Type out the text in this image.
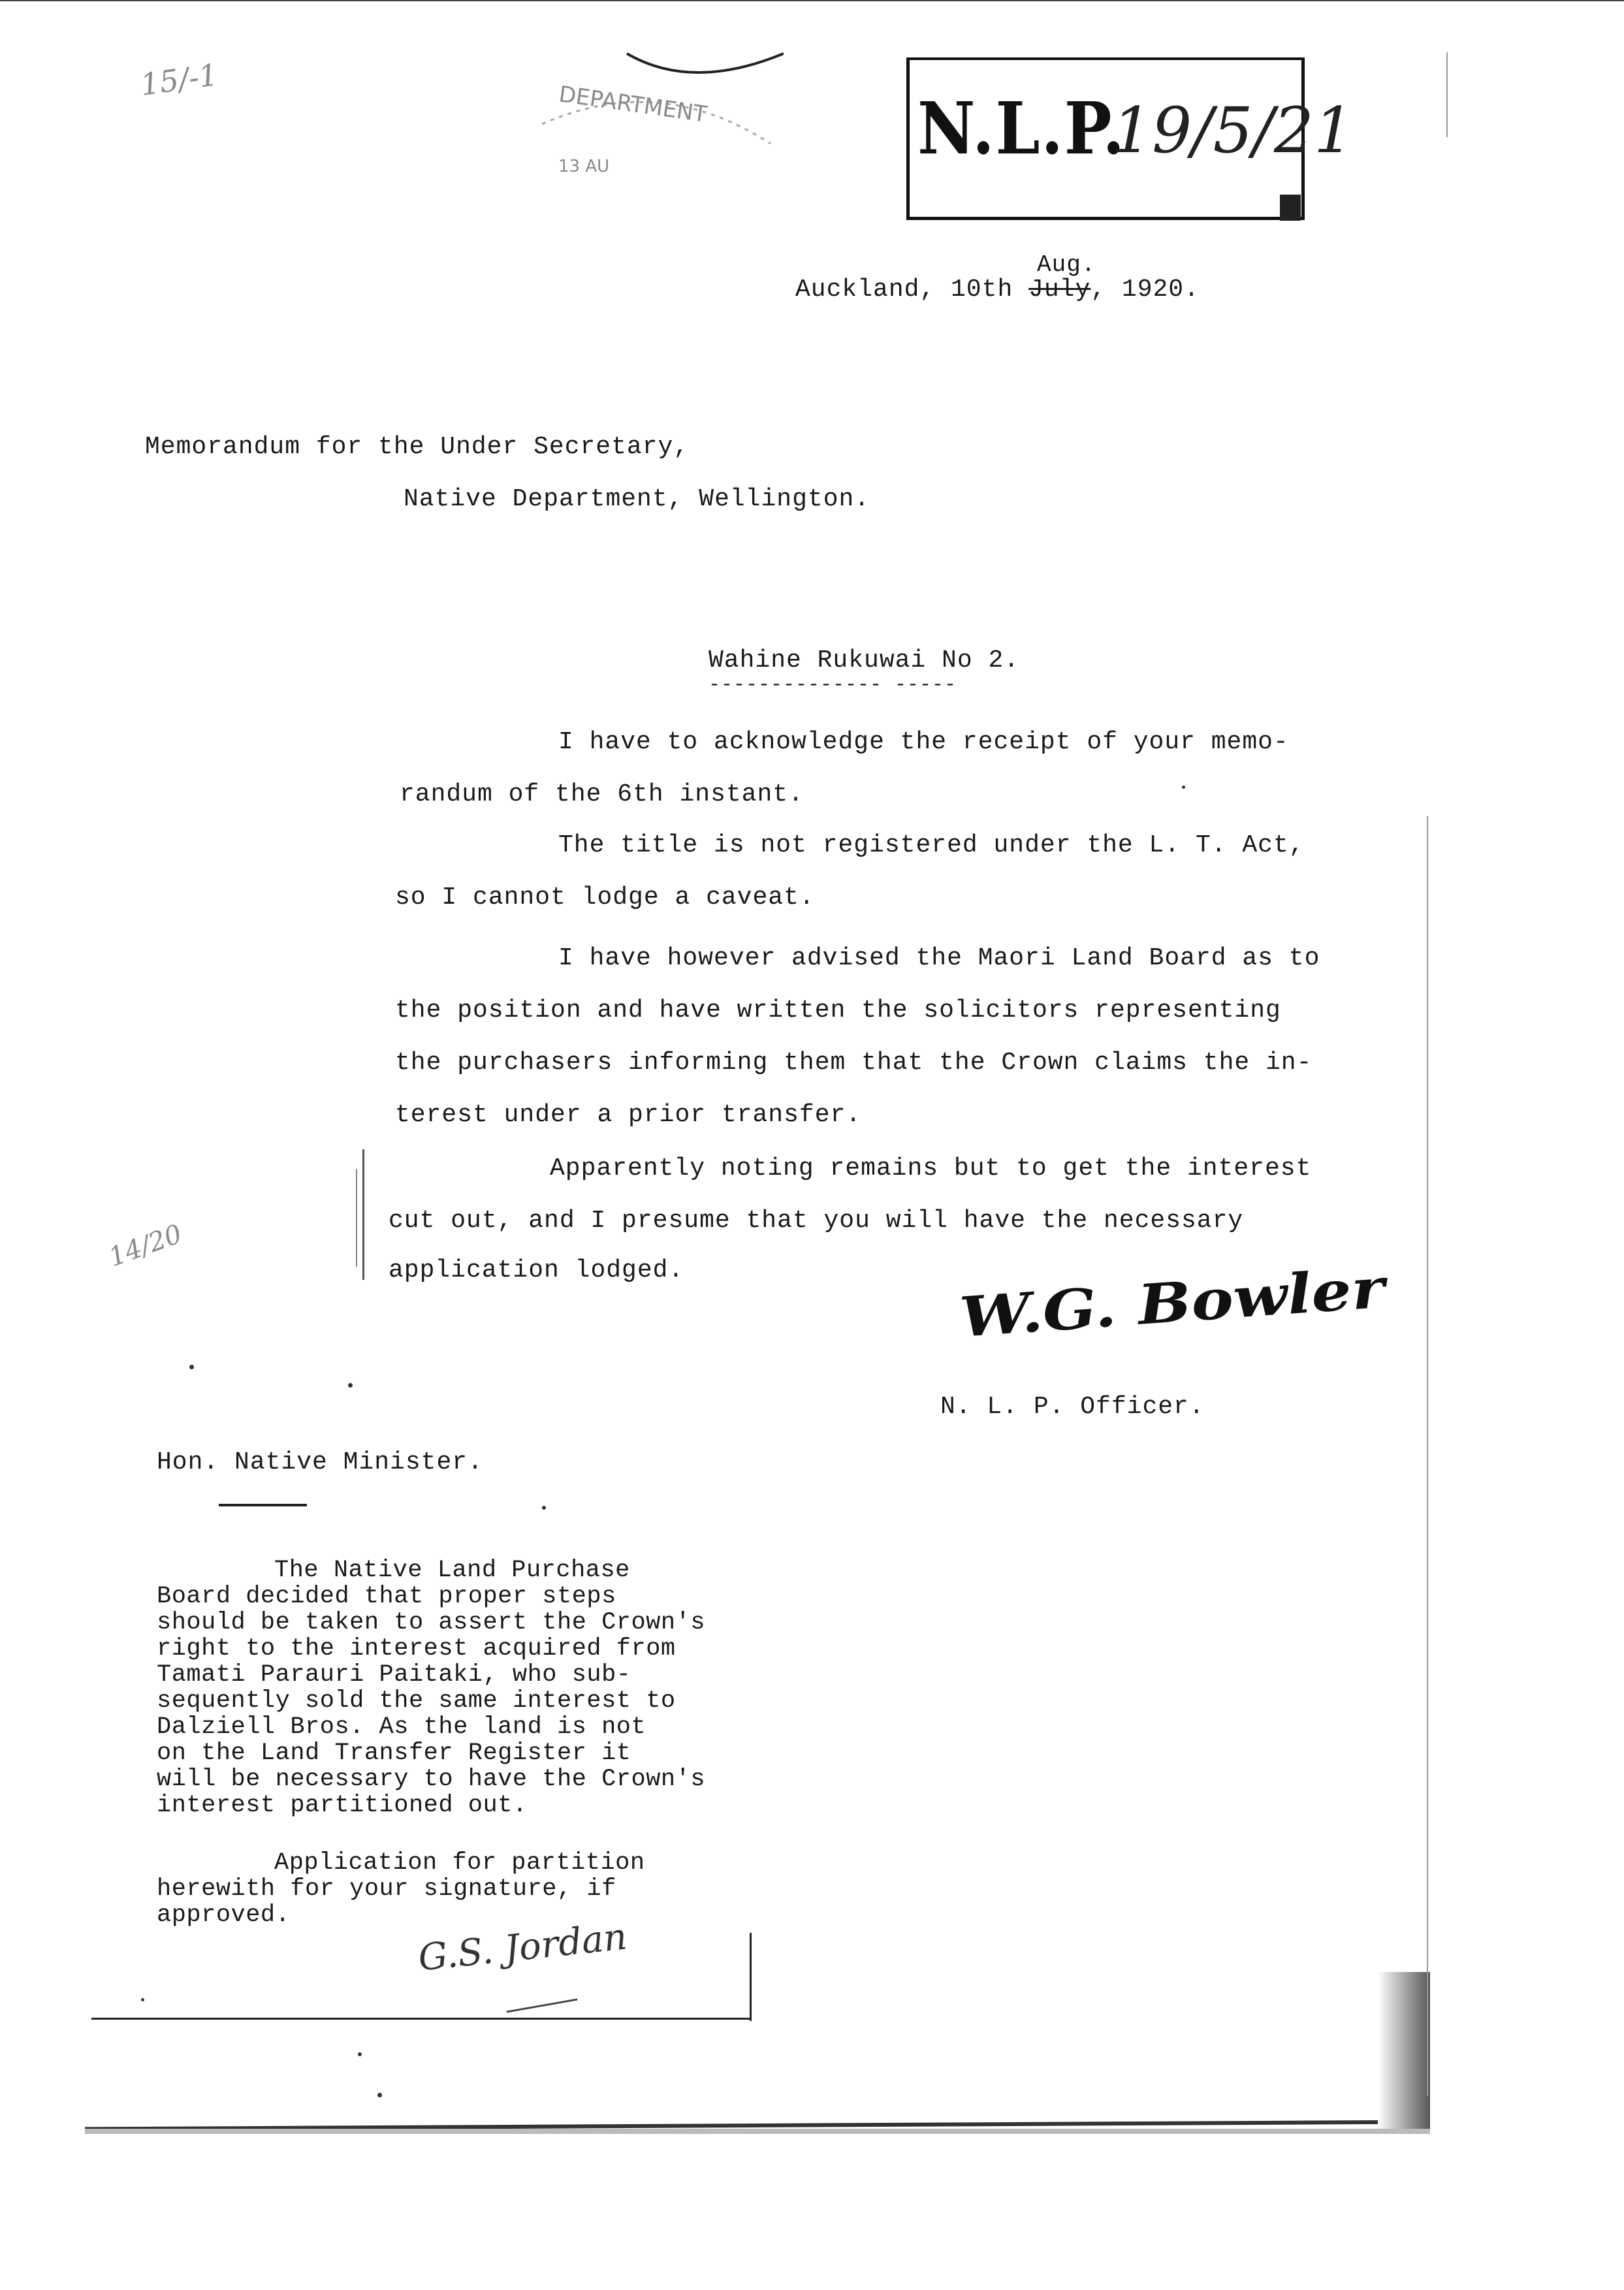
15/-1
DEPARTMENT
13 AU	N.L.P.
19/5/21
Aug.
Auckland, 10th July, 1920.
Memorandum for the Under Secretary,
Native Department, Wellington.
Wahine Rukuwai No 2.
-------------- -----
I have to acknowledge the receipt of your memo-
randum of the 6th instant.
The title is not registered under the L. T. Act,
so I cannot lodge a caveat.
I have however advised the Maori Land Board as to
the position and have written the solicitors representing
the purchasers informing them that the Crown claims the in-
terest under a prior transfer.
Apparently noting remains but to get the interest
cut out, and I presume that you will have the necessary
application lodged.
14/20
W.G. Bowler
N. L. P. Officer.
Hon. Native Minister.
The Native Land Purchase
Board decided that proper steps
should be taken to assert the Crown's
right to the interest acquired from
Tamati Parauri Paitaki, who sub-
sequently sold the same interest to
Dalziell Bros. As the land is not
on the Land Transfer Register it
will be necessary to have the Crown's
interest partitioned out.
Application for partition
herewith for your signature, if
approved.
G.S. Jordan
